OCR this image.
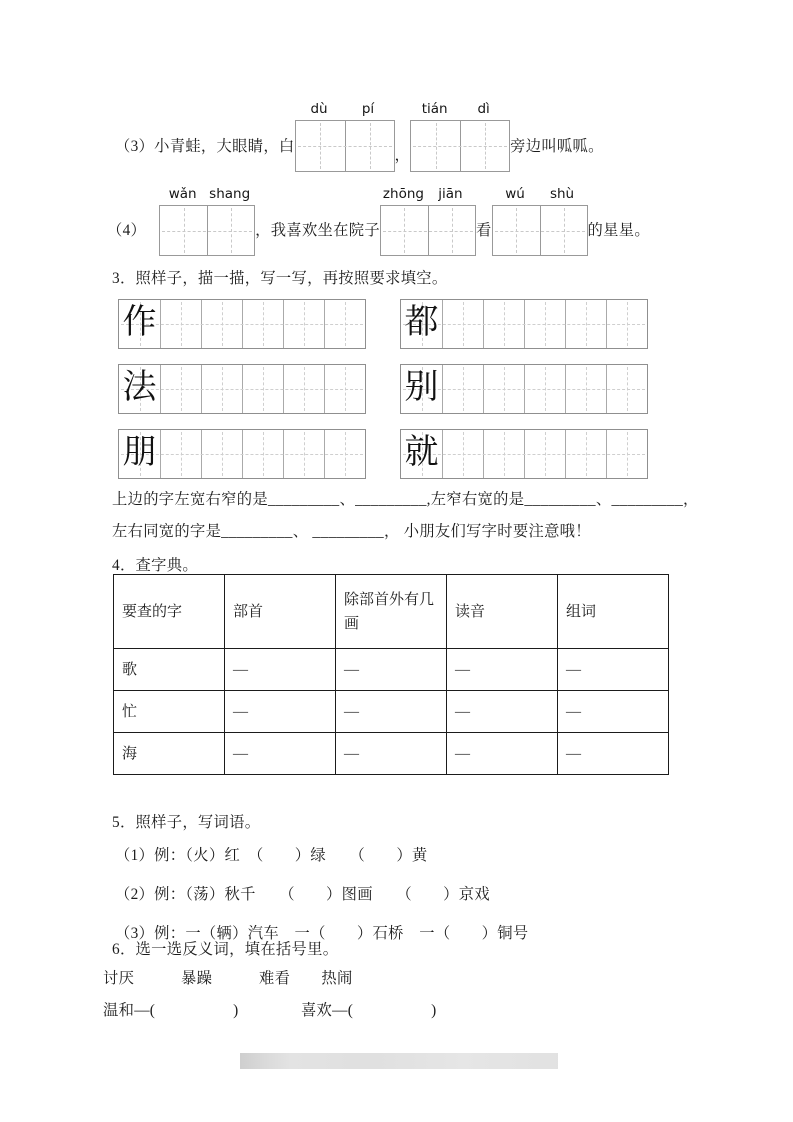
（3）小青蛙，大眼睛，白
dù	pí
，
tián	dì
旁边叫呱呱。
（4）
wǎn shang
，我喜欢坐在院子
zhōng	jiān
看
wú	shù
的星星。
3．照样子，描一描，写一写，再按照要求填空。
作	都
法	别
朋	就
上边的字左宽右窄的是_________、_________,左窄右宽的是_________、_________，
左右同宽的字是_________、 _________， 小朋友们写字时要注意哦！
4．查字典。
要查的字	部首	除部首外有几画	读音	组词
歌	—	—	—	—
忙	—	—	—	—
海	—	—	—	—
5．照样子，写词语。
（1）例：（火）红　（　　）绿　　（　　）黄
（2）例：（荡）秋千　　（　　）图画　　（　　）京戏
（3）例：一（辆）汽车　一（　　）石桥　一（　　）铜号
6．选一选反义词，填在括号里。
讨厌　　　暴躁　　　难看　　热闹
温和—(　　　　　)　　　　喜欢—(　　　　　)
